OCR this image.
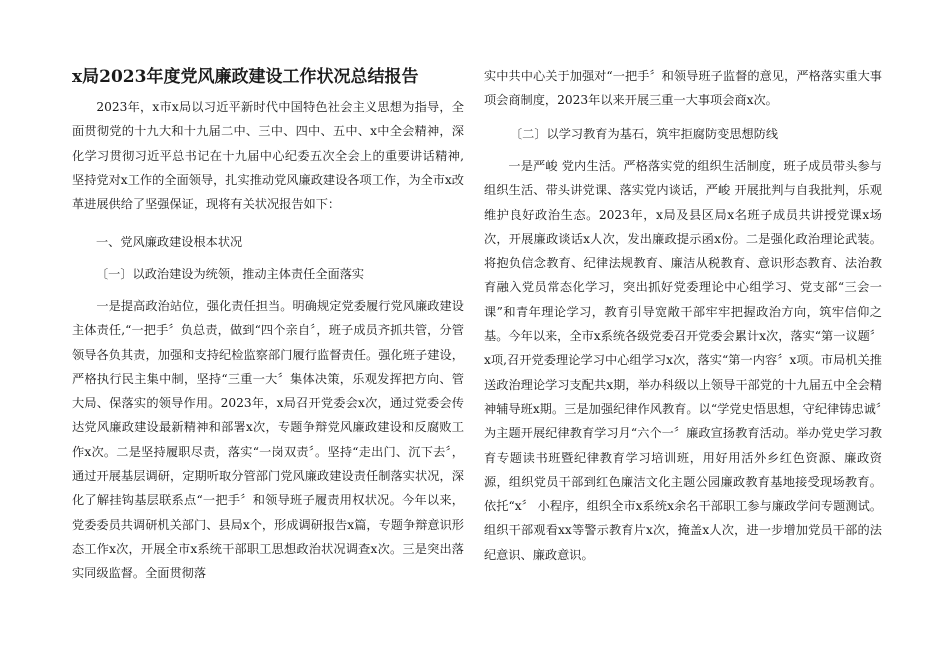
x局2023年度党风廉政建设工作状况总结报告

2023年，x市x局以习近平新时代中国特色社会主义思想为指导，全面贯彻党的十九大和十九届二中、三中、四中、五中、x中全会精神，深化学习贯彻习近平总书记在十九届中心纪委五次全会上的重要讲话精神,坚持党对x工作的全面领导，扎实推动党风廉政建设各项工作，为全市x改革进展供给了坚强保证，现将有关状况报告如下：

一、党风廉政建设根本状况
〔一〕以政治建设为统领，推动主体责任全面落实

一是提高政治站位，强化责任担当。明确规定党委履行党风廉政建设主体责任,“一把手〞负总责，做到“四个亲自〞，班子成员齐抓共管，分管领导各负其责，加强和支持纪检监察部门履行监督责任。强化班子建设，严格执行民主集中制，坚持“三重一大〞集体决策，乐观发挥把方向、管大局、保落实的领导作用。2023年，x局召开党委会x次，通过党委会传达党风廉政建设最新精神和部署x次，专题争辩党风廉政建设和反腐败工作x次。二是坚持履职尽责，落实“一岗双责〞。坚持“走出门、沉下去〞，通过开展基层调研，定期听取分管部门党风廉政建设责任制落实状况，深化了解挂钩基层联系点“一把手〞和领导班子履责用权状况。今年以来，党委委员共调研机关部门、县局x个，形成调研报告x篇，专题争辩意识形态工作x次，开展全市x系统干部职工思想政治状况调查x次。三是突出落实同级监督。全面贯彻落

实中共中心关于加强对“一把手〞和领导班子监督的意见，严格落实重大事项会商制度，2023年以来开展三重一大事项会商x次。

〔二〕以学习教育为基石，筑牢拒腐防变思想防线

一是严峻 党内生活。严格落实党的组织生活制度，班子成员带头参与组织生活、带头讲党课、落实党内谈话，严峻 开展批判与自我批判，乐观维护良好政治生态。2023年，x局及县区局x名班子成员共讲授党课x场次，开展廉政谈话x人次，发出廉政提示函x份。二是强化政治理论武装。将抱负信念教育、纪律法规教育、廉洁从税教育、意识形态教育、法治教育融入党员常态化学习，突出抓好党委理论中心组学习、党支部“三会一课”和青年理论学习，教育引导宽敞干部牢牢把握政治方向，筑牢信仰之基。今年以来，全市x系统各级党委召开党委会累计x次，落实“第一议题〞x项,召开党委理论学习中心组学习x次，落实“第一内容〞x项。市局机关推送政治理论学习支配共x期，举办科级以上领导干部党的十九届五中全会精神辅导班x期。三是加强纪律作风教育。以“学党史悟思想，守纪律铸忠诚〞为主题开展纪律教育学习月“六个一〞廉政宣扬教育活动。举办党史学习教育专题读书班暨纪律教育学习培训班，用好用活外乡红色资源、廉政资源，组织党员干部到红色廉洁文化主题公园廉政教育基地接受现场教育。依托“x〞 小程序，组织全市x系统x余名干部职工参与廉政学问专题测试。组织干部观看xx等警示教育片x次，掩盖x人次，进一步增加党员干部的法纪意识、廉政意识。
